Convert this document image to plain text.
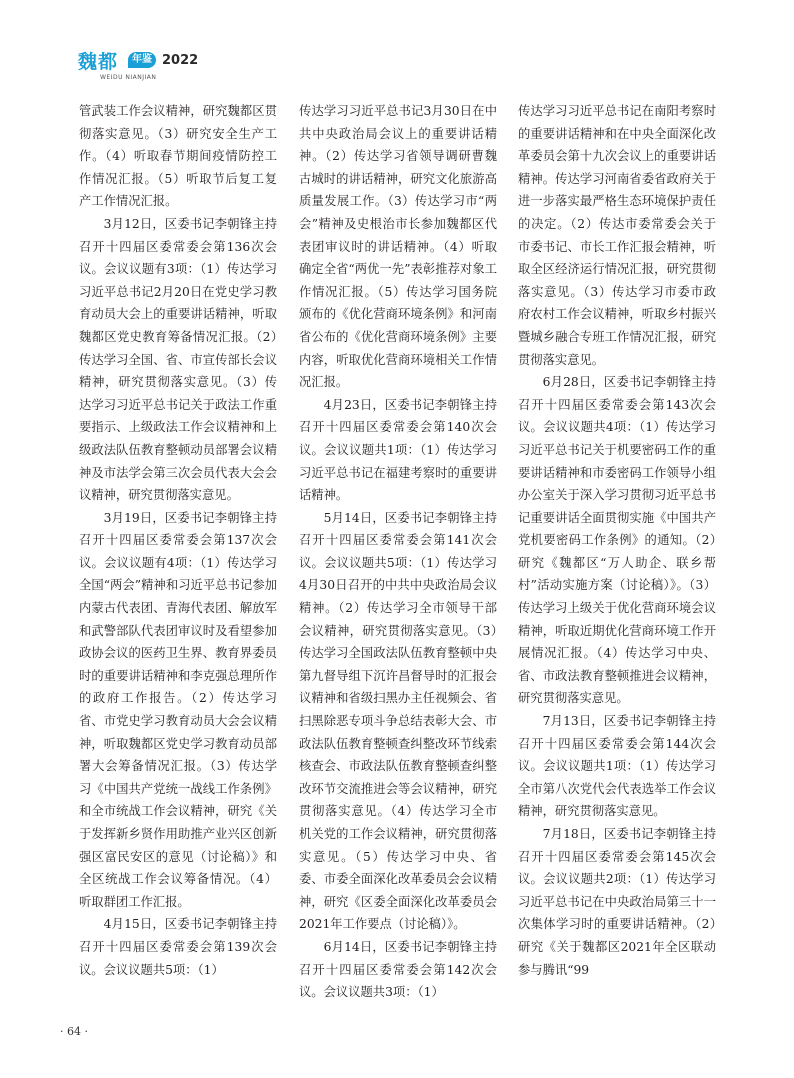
魏都	年鉴 2022
WEIDU NIANJIAN

管武装工作会议精神，研究魏都区贯彻落实意见。（3）研究安全生产工作。（4）听取春节期间疫情防控工作情况汇报。（5）听取节后复工复产工作情况汇报。

3月12日，区委书记李朝锋主持召开十四届区委常委会第136次会议。会议议题有3项：（1）传达学习习近平总书记2月20日在党史学习教育动员大会上的重要讲话精神，听取魏都区党史教育筹备情况汇报。（2）传达学习全国、省、市宣传部长会议精神，研究贯彻落实意见。（3）传达学习习近平总书记关于政法工作重要指示、上级政法工作会议精神和上级政法队伍教育整顿动员部署会议精神及市法学会第三次会员代表大会会议精神，研究贯彻落实意见。

3月19日，区委书记李朝锋主持召开十四届区委常委会第137次会议。会议议题有4项：（1）传达学习全国“两会”精神和习近平总书记参加内蒙古代表团、青海代表团、解放军和武警部队代表团审议时及看望参加政协会议的医药卫生界、教育界委员时的重要讲话精神和李克强总理所作的政府工作报告。（2）传达学习省、市党史学习教育动员大会会议精神，听取魏都区党史学习教育动员部署大会筹备情况汇报。（3）传达学习《中国共产党统一战线工作条例》和全市统战工作会议精神，研究《关于发挥新乡贤作用助推产业兴区创新强区富民安区的意见（讨论稿）》和全区统战工作会议筹备情况。（4）听取群团工作汇报。

4月15日，区委书记李朝锋主持召开十四届区委常委会第139次会议。会议议题共5项：（1）

传达学习习近平总书记3月30日在中共中央政治局会议上的重要讲话精神。（2）传达学习省领导调研曹魏古城时的讲话精神，研究文化旅游高质量发展工作。（3）传达学习市“两会”精神及史根治市长参加魏都区代表团审议时的讲话精神。（4）听取确定全省“两优一先”表彰推荐对象工作情况汇报。（5）传达学习国务院颁布的《优化营商环境条例》和河南省公布的《优化营商环境条例》主要内容，听取优化营商环境相关工作情况汇报。

4月23日，区委书记李朝锋主持召开十四届区委常委会第140次会议。会议议题共1项：（1）传达学习习近平总书记在福建考察时的重要讲话精神。

5月14日，区委书记李朝锋主持召开十四届区委常委会第141次会议。会议议题共5项：（1）传达学习4月30日召开的中共中央政治局会议精神。（2）传达学习全市领导干部会议精神，研究贯彻落实意见。（3）传达学习全国政法队伍教育整顿中央第九督导组下沉许昌督导时的汇报会议精神和省级扫黑办主任视频会、省扫黑除恶专项斗争总结表彰大会、市政法队伍教育整顿查纠整改环节线索核查会、市政法队伍教育整顿查纠整改环节交流推进会等会议精神，研究贯彻落实意见。（4）传达学习全市机关党的工作会议精神，研究贯彻落实意见。（5）传达学习中央、省委、市委全面深化改革委员会会议精神，研究《区委全面深化改革委员会2021年工作要点（讨论稿）》。

6月14日，区委书记李朝锋主持召开十四届区委常委会第142次会议。会议议题共3项：（1）

传达学习习近平总书记在南阳考察时的重要讲话精神和在中央全面深化改革委员会第十九次会议上的重要讲话精神。传达学习河南省委省政府关于进一步落实最严格生态环境保护责任的决定。（2）传达市委常委会关于市委书记、市长工作汇报会精神，听取全区经济运行情况汇报，研究贯彻落实意见。（3）传达学习市委市政府农村工作会议精神，听取乡村振兴暨城乡融合专班工作情况汇报，研究贯彻落实意见。

6月28日，区委书记李朝锋主持召开十四届区委常委会第143次会议。会议议题共4项：（1）传达学习习近平总书记关于机要密码工作的重要讲话精神和市委密码工作领导小组办公室关于深入学习贯彻习近平总书记重要讲话全面贯彻实施《中国共产党机要密码工作条例》的通知。（2）研究《魏都区“万人助企、联乡帮村”活动实施方案（讨论稿）》。（3）传达学习上级关于优化营商环境会议精神，听取近期优化营商环境工作开展情况汇报。（4）传达学习中央、省、市政法教育整顿推进会议精神，研究贯彻落实意见。

7月13日，区委书记李朝锋主持召开十四届区委常委会第144次会议。会议议题共1项：（1）传达学习全市第八次党代会代表选举工作会议精神，研究贯彻落实意见。

7月18日，区委书记李朝锋主持召开十四届区委常委会第145次会议。会议议题共2项：（1）传达学习习近平总书记在中央政治局第三十一次集体学习时的重要讲话精神。（2）研究《关于魏都区2021年全区联动参与腾讯“99

· 64 ·
